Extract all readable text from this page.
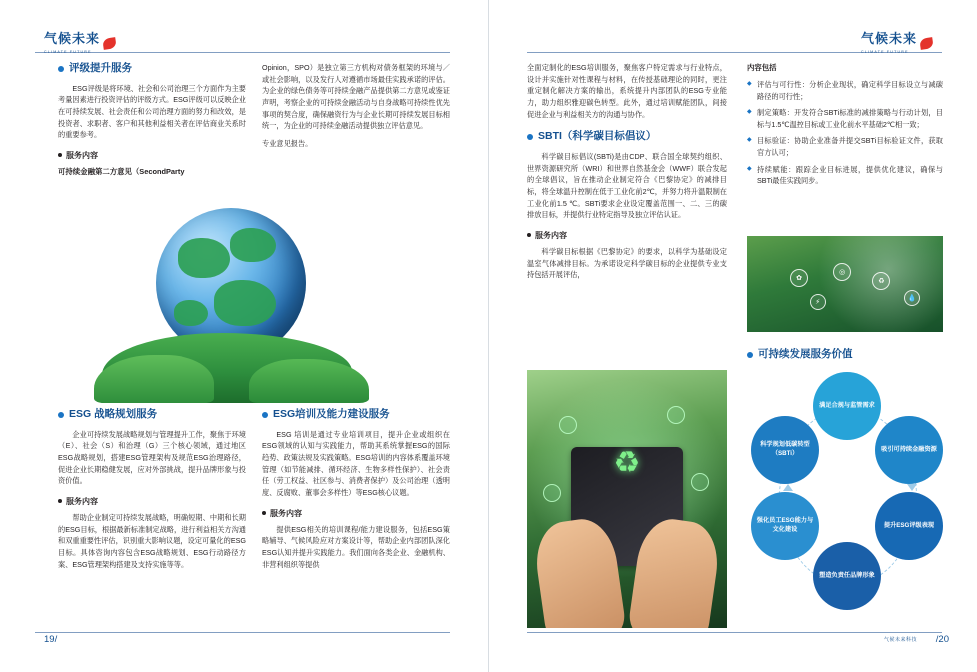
气候未来
CLIMATE FUTURE
评级提升服务

ESG评级是将环境、社会和公司治理三个方面作为主要考量因素进行投资评估的评级方式。ESG评级可以反映企业在可持续发展、社会责任和公司治理方面的努力和改效，是投资者、求职者、客户和其他利益相关者在评估商业关系时的重要参考。

服务内容

可持续金融第二方意见（SecondParty

Opinion，SPO）是独立第三方机构对债务框架的环境与／或社会影响，以及发行人对遵循市场最佳实践承诺的评估。为企业的绿色债务等可持续金融产品提供第二方意见或鉴证声明，考察企业的可持续金融活动与自身战略可持续性优先事项的契合度，确保融资行为与企业长期可持续发展目标相统一，为企业的可持续金融活动提供独立评估意见。

专业意见报告。

ESG 战略规划服务

企业可持续发展战略规划与管理提升工作，聚焦于环境（E）、社会（S）和治理（G）三个核心领域，通过地区ESG战略规划，搭建ESG管理架构及规范ESG治理路径，促进企业长期稳健发展，应对外部挑战，提升品牌形象与投资价值。

服务内容

帮助企业制定可持续发展战略，明确短期、中期和长期的ESG目标，根据最新标准制定战略，进行利益相关方沟通和双重重要性评估，识别重大影响议题，设定可量化的ESG目标。具体咨询内容包含ESG战略规划、ESG行动路径方案、ESG管理架构搭建及支持实施等等。

ESG培训及能力建设服务

ESG 培训是通过专业培训项目，提升企业或组织在ESG领域的认知与实践能力，帮助其系统掌握ESG的国际趋势、政策法规及实践策略。ESG培训的内容体系覆盖环境管理（如节能减排、循环经济、生物多样性保护）、社会责任（劳工权益、社区参与、消费者保护）及公司治理（透明度、反腐败、董事会多样性）等ESG核心议题。

服务内容

提供ESG相关的培训课程/能力建设服务，包括ESG策略辅导、气候风险应对方案设计等，帮助企业内部团队深化ESG认知并提升实践能力。我们面向各类企业、金融机构、非营利组织等提供

19/
气候未来
CLIMATE FUTURE

全面定制化的ESG培训服务，聚焦客户特定需求与行业特点，设计并实施针对性课程与材料，在传授基础理论的同时，更注重定制化解决方案的输出，系统提升内部团队的ESG专业能力，助力组织雅迎碳色转型。此外，通过培训赋能团队，间接促进企业与利益相关方的沟通与协作。

SBTI（科学碳目标倡议）

科学碳目标倡议(SBTi)是由CDP、联合国全球契约组织、世界资源研究所（WRI）和世界自然基金会（WWF）联合发起的全球倡议，旨在推动企业制定符合《巴黎协定》的减排目标，将全球温升控制在低于工业化前2℃，并努力将升温限制在工业化前1.5 ℃。SBTi要求企业设定覆盖范围一、二、三的碳排放目标，并提供行业特定指导及独立评估认证。

服务内容

科学碳目标根据《巴黎协定》的要求，以科学为基础设定温室气体减排目标。为承诺设定科学碳目标的企业提供专业支持包括开展评估，

♻

内容包括

◆ 评估与可行性：分析企业现状，确定科学目标设立与减碳路径的可行性；
◆ 制定策略：开发符合SBTi标准的减排策略与行动计划，目标与1.5℃温控目标或工业化前水平基础2℃相一致；
◆ 目标验证：协助企业准备并提交SBTi目标验证文件，获取官方认可；
◆ 持续赋能：跟踪企业目标进展，提供优化建议，确保与SBTi最佳实践同步。
✿
◎
♻
💧
⚡
可持续发展服务价值
满足合规与监管需求
吸引可持续金融资源
提升ESG评级表现
塑造负责任品牌形象
强化员工ESG能力与文化建设
科学规划低碳转型（SBTi）
气候未来科技 /20
